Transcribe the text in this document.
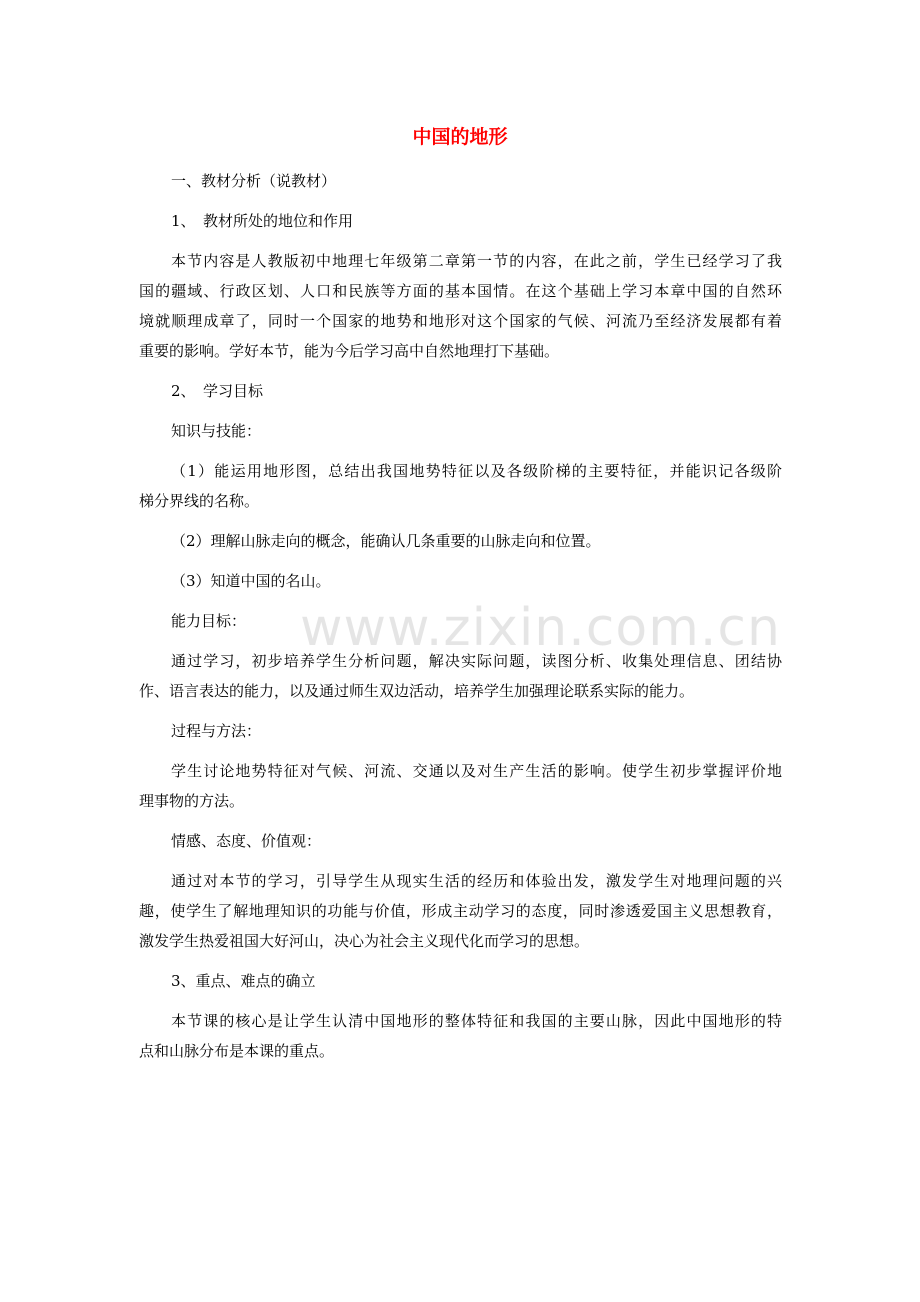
中国的地形
www.zixin.com.cn

一、教材分析（说教材）

1、　教材所处的地位和作用

本节内容是人教版初中地理七年级第二章第一节的内容，在此之前，学生已经学习了我

国的疆域、行政区划、人口和民族等方面的基本国情。在这个基础上学习本章中国的自然环

境就顺理成章了，同时一个国家的地势和地形对这个国家的气候、河流乃至经济发展都有着

重要的影响。学好本节，能为今后学习高中自然地理打下基础。

2、　学习目标

知识与技能：

（1）能运用地形图，总结出我国地势特征以及各级阶梯的主要特征，并能识记各级阶

梯分界线的名称。

（2）理解山脉走向的概念，能确认几条重要的山脉走向和位置。

（3）知道中国的名山。

能力目标：

通过学习，初步培养学生分析问题，解决实际问题，读图分析、收集处理信息、团结协

作、语言表达的能力，以及通过师生双边活动，培养学生加强理论联系实际的能力。

过程与方法：

学生讨论地势特征对气候、河流、交通以及对生产生活的影响。使学生初步掌握评价地

理事物的方法。

情感、态度、价值观：

通过对本节的学习，引导学生从现实生活的经历和体验出发，激发学生对地理问题的兴

趣，使学生了解地理知识的功能与价值，形成主动学习的态度，同时渗透爱国主义思想教育，

激发学生热爱祖国大好河山，决心为社会主义现代化而学习的思想。

3、重点、难点的确立

本节课的核心是让学生认清中国地形的整体特征和我国的主要山脉，因此中国地形的特

点和山脉分布是本课的重点。
